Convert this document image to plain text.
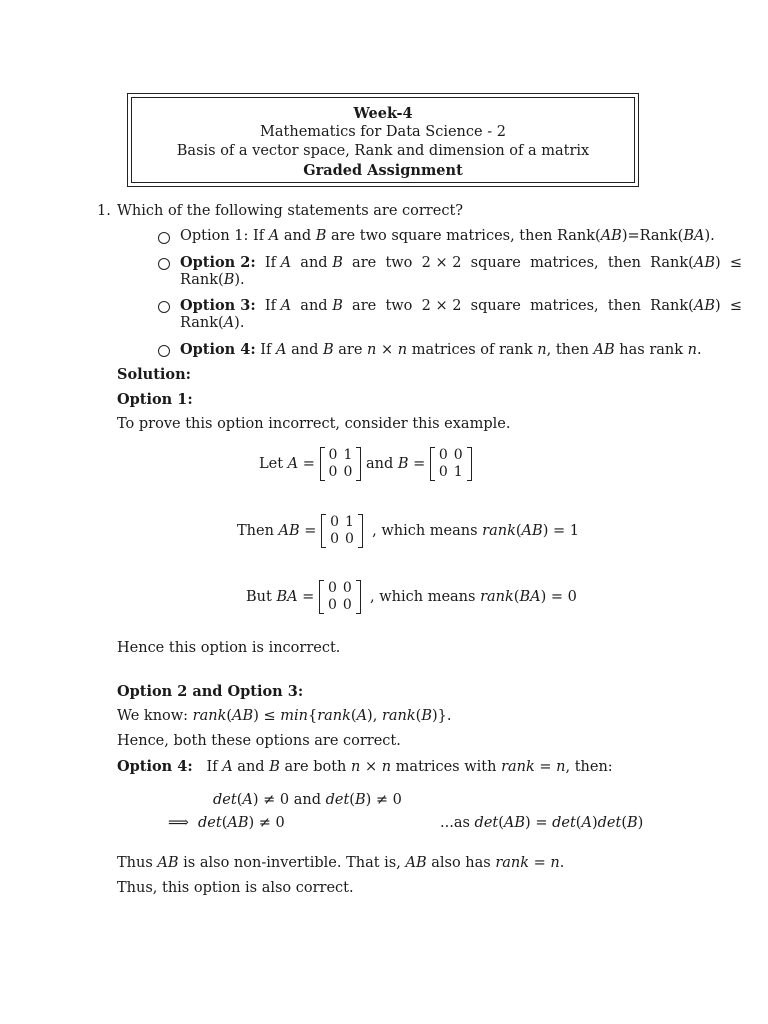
Week-4
Mathematics for Data Science - 2
Basis of a vector space, Rank and dimension of a matrix
Graded Assignment
1. Which of the following statements are correct?
Option 1: If A and B are two square matrices, then Rank(AB)=Rank(BA).
Option 2:  If A  and B  are  two  2 × 2  square  matrices,  then  Rank(AB)  ≤
Rank(B).
Option 3:  If A  and B  are  two  2 × 2  square  matrices,  then  Rank(AB)  ≤
Rank(A).
Option 4: If A and B are n × n matrices of rank n, then AB has rank n.
Solution:
Option 1:
To prove this option incorrect, consider this example.
Let A =
0	1
0	0 and B =
0	0
0	1
Then AB =
0	1
0	0 , which means rank(AB) = 1
But BA =
0	0
0	0 , which means rank(BA) = 0
Hence this option is incorrect.
Option 2 and Option 3:
We know: rank(AB) ≤ min{rank(A), rank(B)}.
Hence, both these options are correct.
Option 4:   If A and B are both n × n matrices with rank = n, then:
det(A) ≠ 0 and det(B) ≠ 0
⟹  det(AB) ≠ 0	...as det(AB) = det(A)det(B)
Thus AB is also non-invertible. That is, AB also has rank = n.
Thus, this option is also correct.
